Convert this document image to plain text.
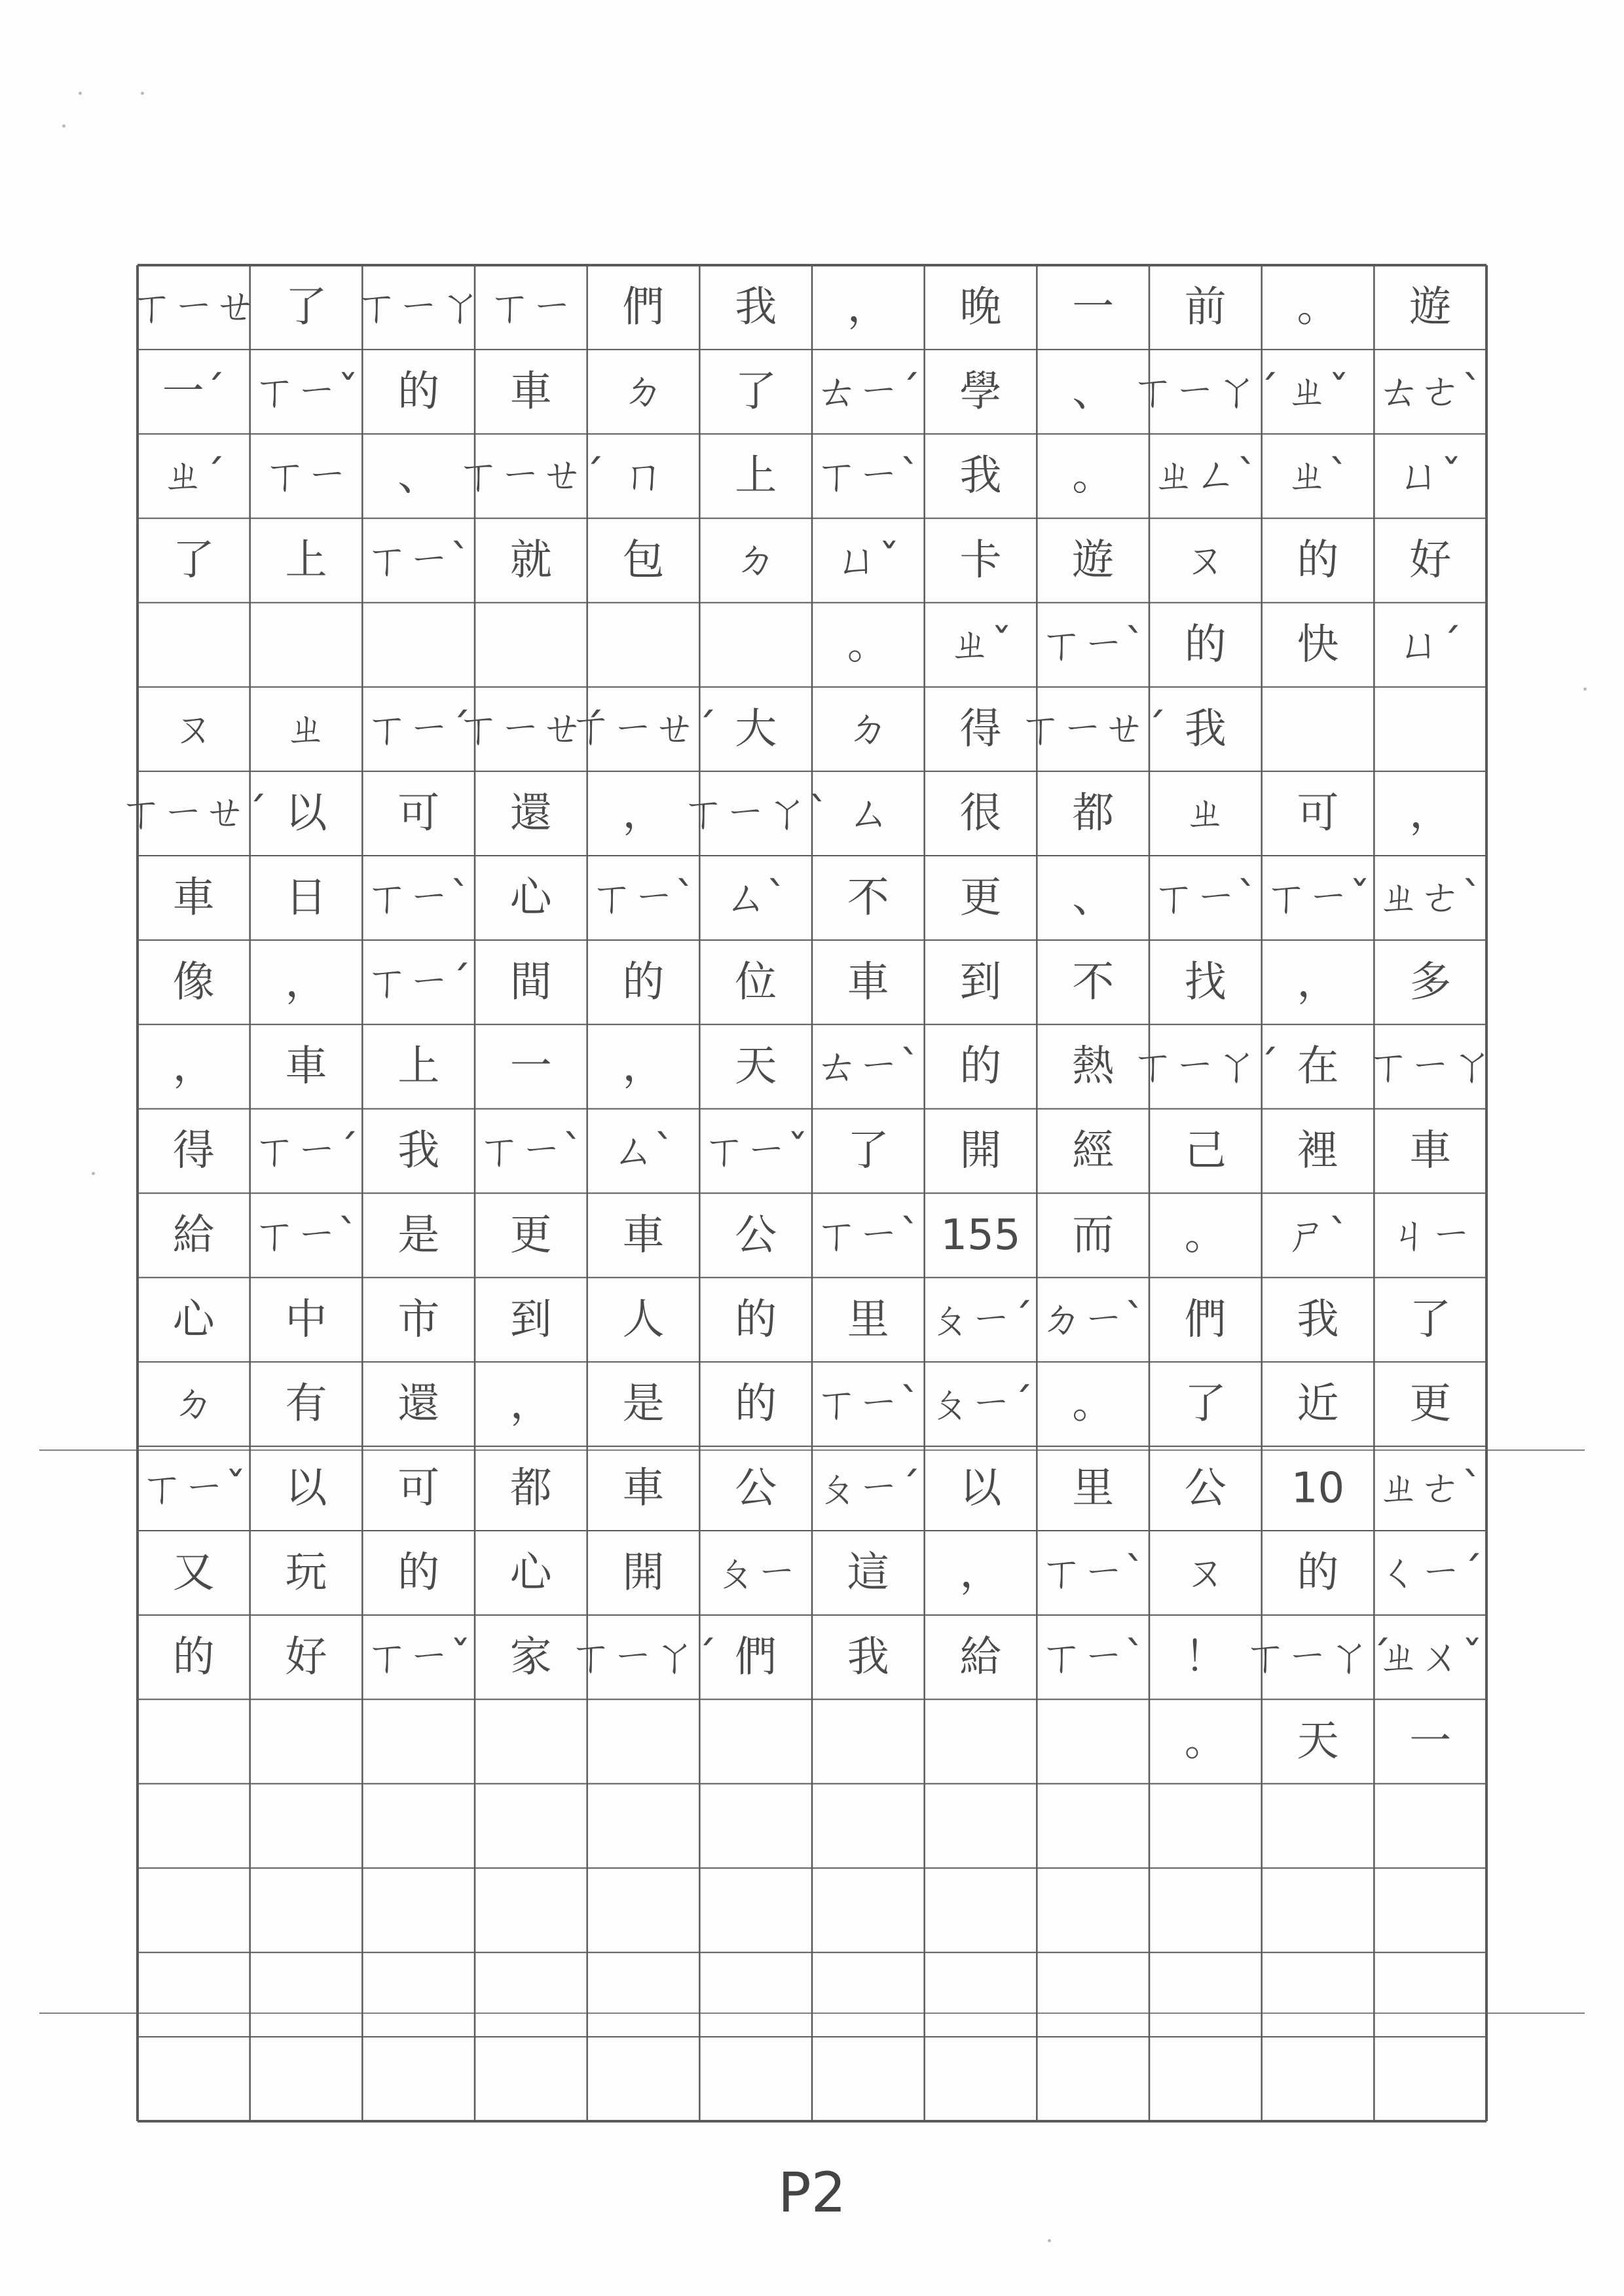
遊
ㄊㄜˋ
ㄩˇ
好
ㄩˊ
，
ㄓㄜˋ
多
ㄒㄧㄚ
車
ㄐㄧ
了
更
ㄓㄜˋ
ㄑㄧˊ
ㄓㄨˇ
一
。
ㄓˇ
ㄓˋ
的
快
可
ㄒㄧˇ
，
在
裡
ㄕˋ
我
近
10
的
ㄒㄧㄚˊ
天
前
ㄒㄧㄚˊ
ㄓㄥˋ
ㄡ
的
我
ㄓ
ㄒㄧˋ
找
ㄒㄧㄚˊ
己
。
們
了
公
ㄡ
！
。
一
、
。
遊
ㄒㄧˋ
ㄒㄧㄝˊ
都
、
不
熱
經
而
ㄉㄧˋ
。
里
ㄒㄧˋ
ㄒㄧˋ
晚
學
我
卡
ㄓˇ
得
很
更
到
的
開
155
ㄆㄧˊ
ㄆㄧˊ
以
，
給
，
ㄊㄧˊ
ㄒㄧˋ
ㄩˇ
。
ㄉ
ㄙ
不
車
ㄊㄧˋ
了
ㄒㄧˋ
里
ㄒㄧˋ
ㄆㄧˊ
這
我
我
了
上
ㄉ
大
ㄒㄧㄚˋ
ㄙˋ
位
天
ㄒㄧˇ
公
的
的
公
ㄆㄧ
們
們
ㄉ
ㄇ
包
ㄒㄧㄝˊ
，
ㄒㄧˋ
的
，
ㄙˋ
車
人
是
車
開
ㄒㄧㄚˊ
ㄒㄧ
車
ㄒㄧㄝˊ
就
ㄒㄧㄝˊ
還
心
間
一
ㄒㄧˋ
更
到
，
都
心
家
ㄒㄧㄚ
的
、
ㄒㄧˋ
ㄒㄧˊ
可
ㄒㄧˋ
ㄒㄧˊ
上
我
是
市
還
可
的
ㄒㄧˇ
了
ㄒㄧˇ
ㄒㄧ
上
ㄓ
以
日
，
車
ㄒㄧˊ
ㄒㄧˋ
中
有
以
玩
好
ㄒㄧㄝ
一ˊ
ㄓˊ
了
ㄡ
ㄒㄧㄝˊ
車
像
，
得
給
心
ㄉ
ㄒㄧˇ
又
的
P2
